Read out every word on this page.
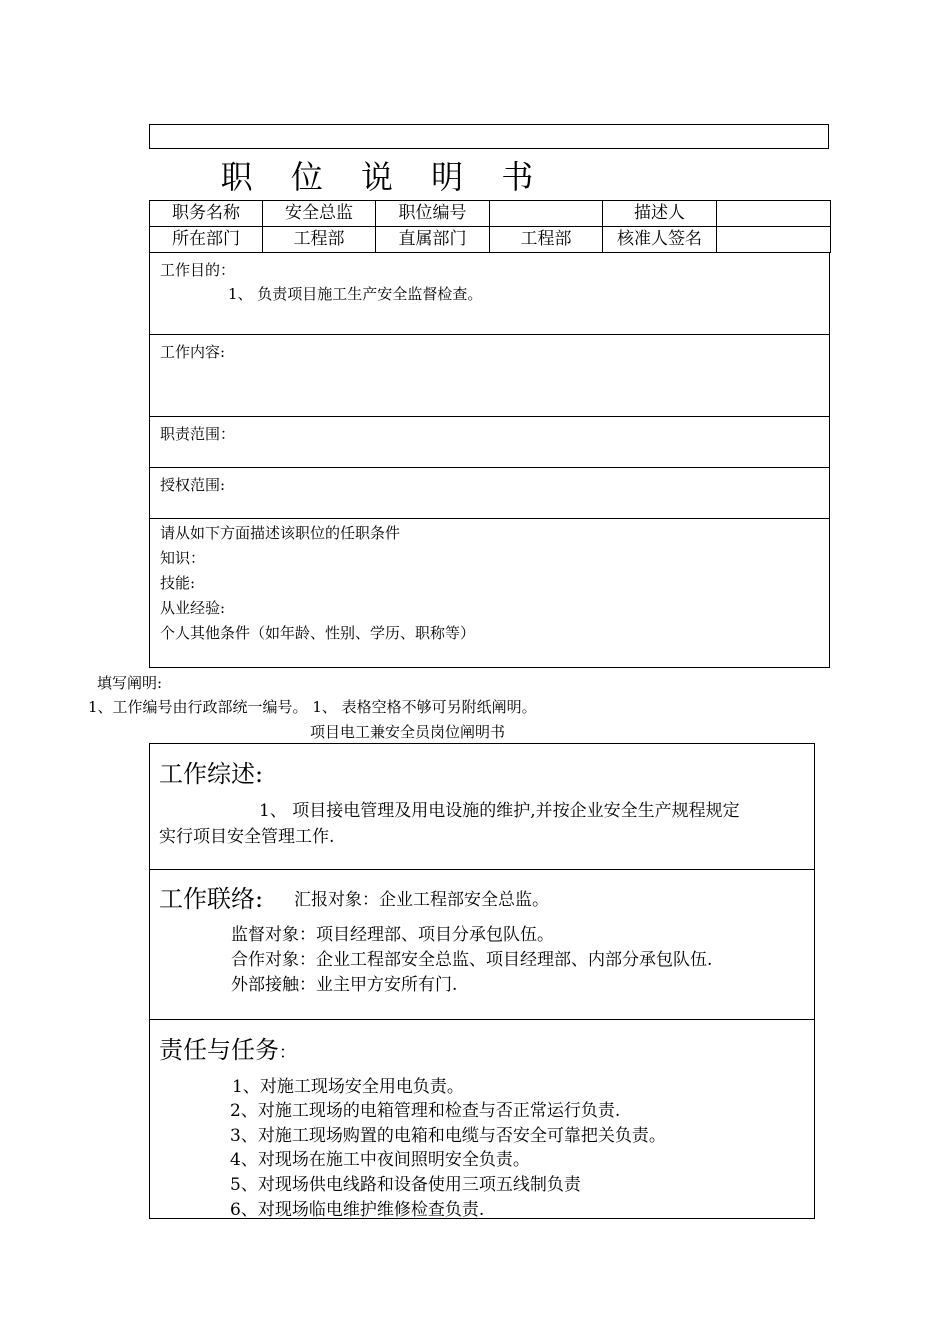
职 位 说 明 书
职务名称	安全总监	职位编号		描述人	
所在部门	工程部	直属部门	工程部	核准人签名	
工作目的：
1、 负责项目施工生产安全监督检查。
工作内容:
职责范围：
授权范围:
请从如下方面描述该职位的任职条件
知识：
技能:
从业经验:
个人其他条件（如年龄、性别、学历、职称等）
填写阐明:
1、工作编号由行政部统一编号。 1、 表格空格不够可另附纸阐明。
项目电工兼安全员岗位阐明书
工作综述:
1、 项目接电管理及用电设施的维护,并按企业安全生产规程规定
实行项目安全管理工作.
工作联络: 汇报对象：企业工程部安全总监。
监督对象：项目经理部、项目分承包队伍。
合作对象：企业工程部安全总监、项目经理部、内部分承包队伍.
外部接触：业主甲方安所有门.
责任与任务：
1、对施工现场安全用电负责。
2、对施工现场的电箱管理和检查与否正常运行负责.
3、对施工现场购置的电箱和电缆与否安全可靠把关负责。
4、对现场在施工中夜间照明安全负责。
5、对现场供电线路和设备使用三项五线制负责
6、对现场临电维护维修检查负责.
